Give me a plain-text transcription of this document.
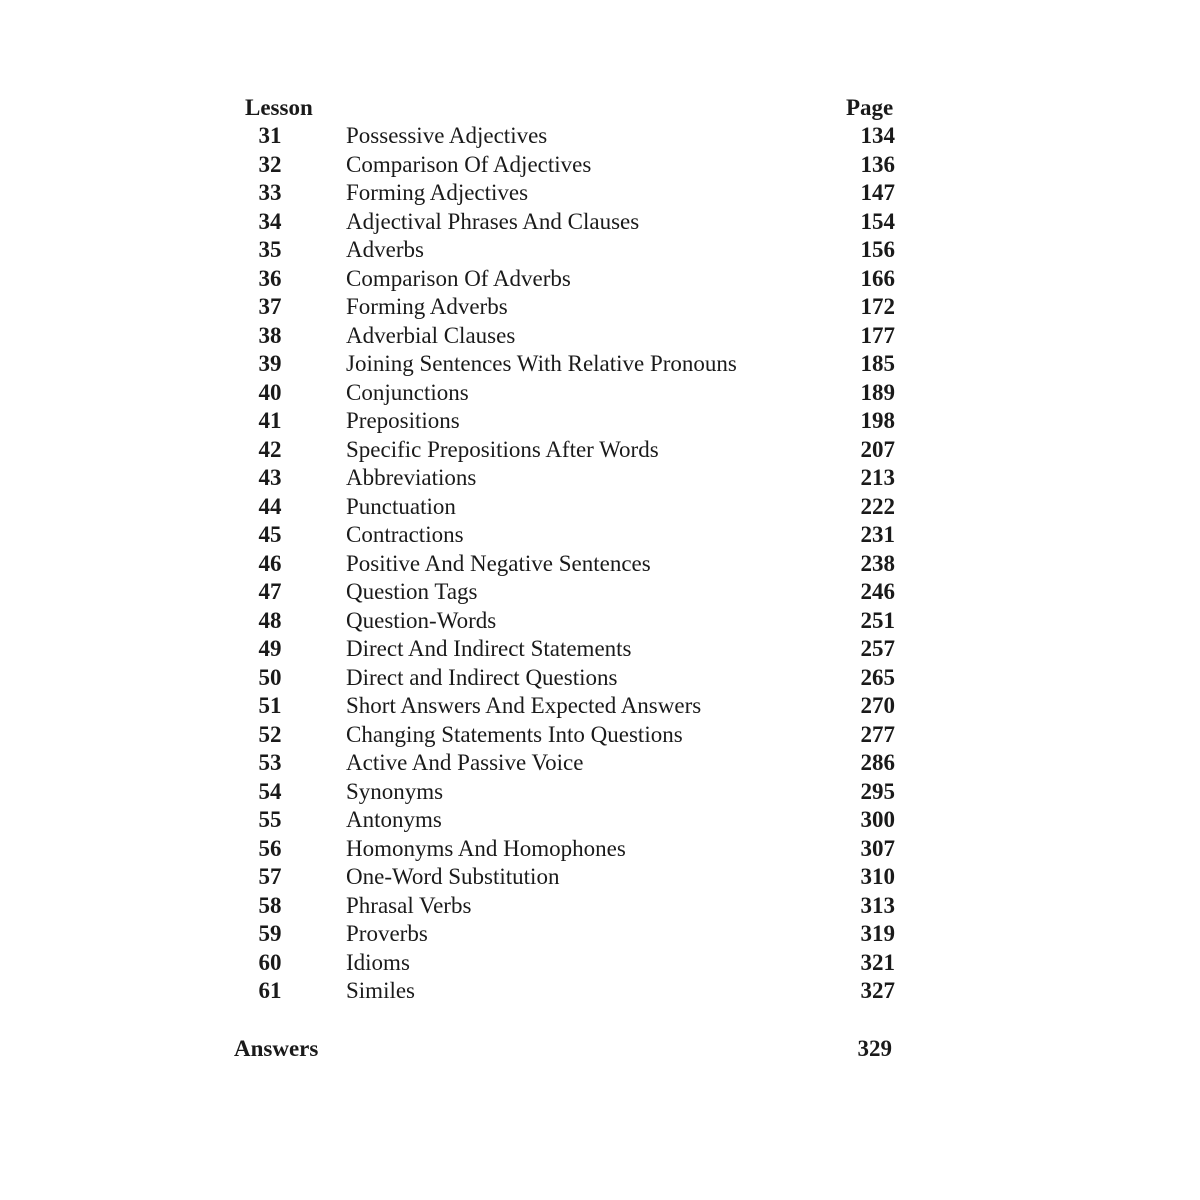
Lesson	Page
31	Possessive Adjectives	134
32	Comparison Of Adjectives	136
33	Forming Adjectives	147
34	Adjectival Phrases And Clauses	154
35	Adverbs	156
36	Comparison Of Adverbs	166
37	Forming Adverbs	172
38	Adverbial Clauses	177
39	Joining Sentences With Relative Pronouns	185
40	Conjunctions	189
41	Prepositions	198
42	Specific Prepositions After Words	207
43	Abbreviations	213
44	Punctuation	222
45	Contractions	231
46	Positive And Negative Sentences	238
47	Question Tags	246
48	Question-Words	251
49	Direct And Indirect Statements	257
50	Direct and Indirect Questions	265
51	Short Answers And Expected Answers	270
52	Changing Statements Into Questions	277
53	Active And Passive Voice	286
54	Synonyms	295
55	Antonyms	300
56	Homonyms And Homophones	307
57	One-Word Substitution	310
58	Phrasal Verbs	313
59	Proverbs	319
60	Idioms	321
61	Similes	327
Answers	329
